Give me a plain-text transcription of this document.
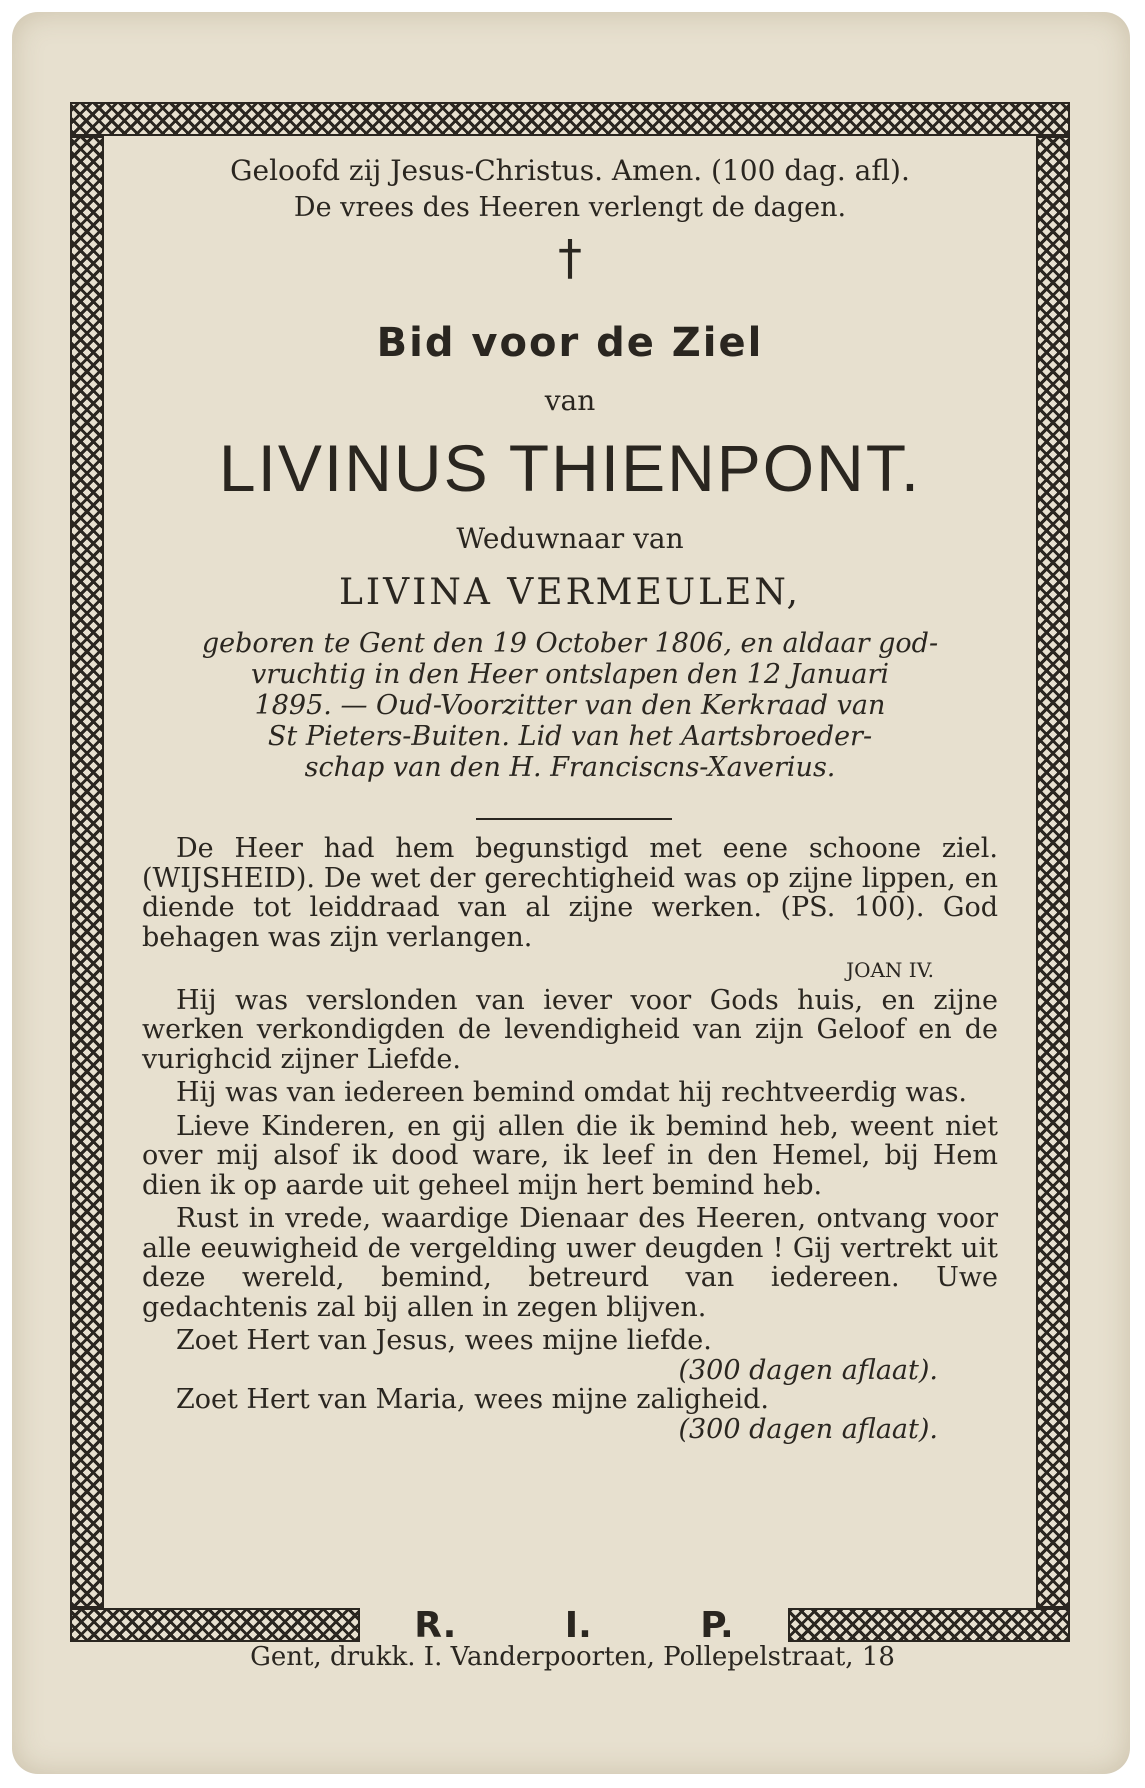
R.	I.	P.
Geloofd zij Jesus-Christus. Amen. (100 dag. afl).
De vrees des Heeren verlengt de dagen.
†
Bid voor de Ziel
van
LIVINUS THIENPONT.
Weduwnaar van
LIVINA VERMEULEN,

geboren te Gent den 19 October 1806, en aldaar god-

vruchtig in den Heer ontslapen den 12 Januari

1895. — Oud-Voorzitter van den Kerkraad van

St Pieters-Buiten. Lid van het Aartsbroeder-

schap van den H. Franciscns-Xaverius.

De Heer had hem begunstigd met eene schoone ziel. (WIJSHEID). De wet der gerechtigheid was op zijne lippen, en diende tot leiddraad van al zijne werken. (PS. 100). God behagen was zijn verlangen.

JOAN IV.

Hij was verslonden van iever voor Gods huis, en zijne werken verkondigden de levendigheid van zijn Geloof en de vurighcid zijner Liefde.

Hij was van iedereen bemind omdat hij rechtveerdig was.

Lieve Kinderen, en gij allen die ik bemind heb, weent niet over mij alsof ik dood ware, ik leef in den Hemel, bij Hem dien ik op aarde uit geheel mijn hert bemind heb.

Rust in vrede, waardige Dienaar des Heeren, ontvang voor alle eeuwigheid de vergelding uwer deugden ! Gij vertrekt uit deze wereld, bemind, betreurd van iedereen. Uwe gedachtenis zal bij allen in zegen blijven.

Zoet Hert van Jesus, wees mijne liefde.

(300 dagen aflaat).

Zoet Hert van Maria, wees mijne zaligheid.

(300 dagen aflaat).

Gent, drukk. I. Vanderpoorten, Pollepelstraat, 18
